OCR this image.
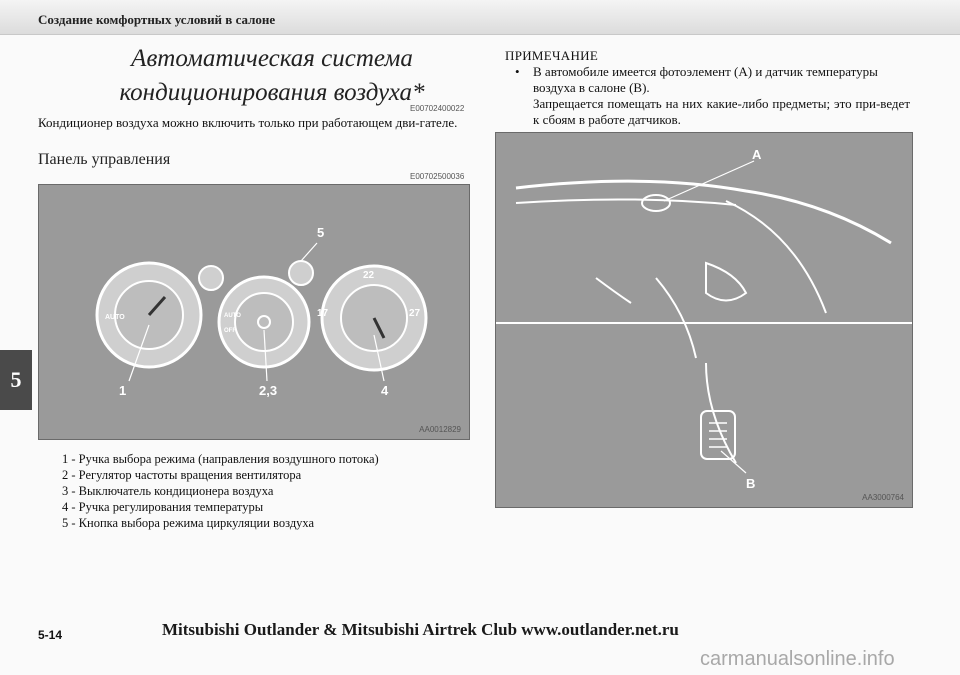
Создание комфортных условий в салоне
5
Автоматическая система кондиционирования воздуха*
E00702400022
Кондиционер воздуха можно включить только при работающем дви-гателе.
Панель управления
E00702500036
AUTO	AUTO
OFF
22
17	27
1	2,3	4
5
AA0012829
1 - Ручка выбора режима (направления воздушного потока)
2 - Регулятор частоты вращения вентилятора
3 - Выключатель кондиционера воздуха
4 - Ручка регулирования температуры
5 - Кнопка выбора режима циркуляции воздуха
ПРИМЕЧАНИЕ
• В автомобиле имеется фотоэлемент (A) и датчик температуры воздуха в салоне (B).
Запрещается помещать на них какие-либо предметы; это при-ведет к сбоям в работе датчиков.
A
B
AA3000764
5-14	Mitsubishi Outlander & Mitsubishi Airtrek Club www.outlander.net.ru
carmanualsonline.info
